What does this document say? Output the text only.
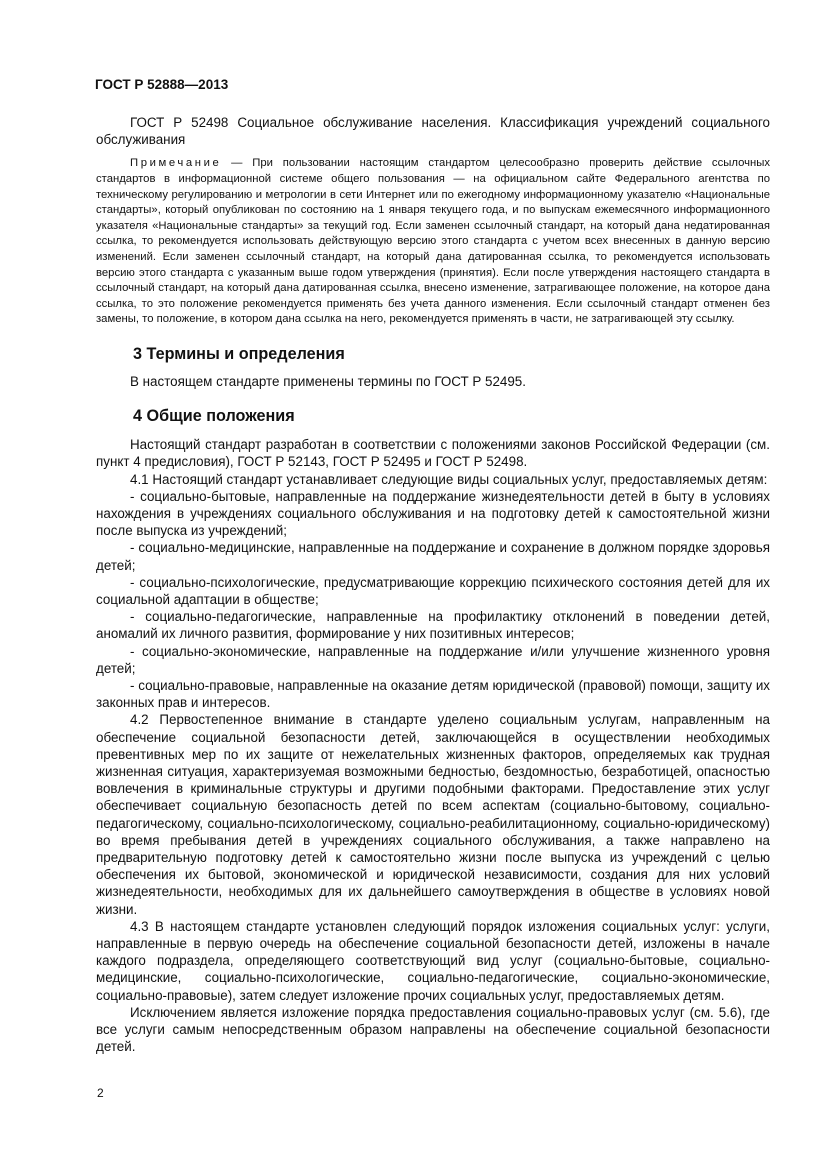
ГОСТ Р 52888—2013

ГОСТ Р 52498 Социальное обслуживание населения. Классификация учреждений социального обслуживания

Примечание — При пользовании настоящим стандартом целесообразно проверить действие ссылочных стандартов в информационной системе общего пользования — на официальном сайте Федерального агентства по техническому регулированию и метрологии в сети Интернет или по ежегодному информационному указателю «Национальные стандарты», который опубликован по состоянию на 1 января текущего года, и по выпускам ежемесячного информационного указателя «Национальные стандарты» за текущий год. Если заменен ссылочный стандарт, на который дана недатированная ссылка, то рекомендуется использовать действующую версию этого стандарта с учетом всех внесенных в данную версию изменений. Если заменен ссылочный стандарт, на который дана датированная ссылка, то рекомендуется использовать версию этого стандарта с указанным выше годом утверждения (принятия). Если после утверждения настоящего стандарта в ссылочный стандарт, на который дана датированная ссылка, внесено изменение, затрагивающее положение, на которое дана ссылка, то это положение рекомендуется применять без учета данного изменения. Если ссылочный стандарт отменен без замены, то положение, в котором дана ссылка на него, рекомендуется применять в части, не затрагивающей эту ссылку.

3 Термины и определения

В настоящем стандарте применены термины по ГОСТ Р 52495.

4 Общие положения

Настоящий стандарт разработан в соответствии с положениями законов Российской Федерации (см. пункт 4 предисловия), ГОСТ Р 52143, ГОСТ Р 52495 и ГОСТ Р 52498.

4.1 Настоящий стандарт устанавливает следующие виды социальных услуг, предоставляемых детям:

- социально-бытовые, направленные на поддержание жизнедеятельности детей в быту в условиях нахождения в учреждениях социального обслуживания и на подготовку детей к самостоятельной жизни после выпуска из учреждений;

- социально-медицинские, направленные на поддержание и сохранение в должном порядке здоровья детей;

- социально-психологические, предусматривающие коррекцию психического состояния детей для их социальной адаптации в обществе;

- социально-педагогические, направленные на профилактику отклонений в поведении детей, аномалий их личного развития, формирование у них позитивных интересов;

- социально-экономические, направленные на поддержание и/или улучшение жизненного уровня детей;

- социально-правовые, направленные на оказание детям юридической (правовой) помощи, защиту их законных прав и интересов.

4.2 Первостепенное внимание в стандарте уделено социальным услугам, направленным на обеспечение социальной безопасности детей, заключающейся в осуществлении необходимых превентивных мер по их защите от нежелательных жизненных факторов, определяемых как трудная жизненная ситуация, характеризуемая возможными бедностью, бездомностью, безработицей, опасностью вовлечения в криминальные структуры и другими подобными факторами. Предоставление этих услуг обеспечивает социальную безопасность детей по всем аспектам (социально-бытовому, социально-педагогическому, социально-психологическому, социально-реабилитационному, социально-юридическому) во время пребывания детей в учреждениях социального обслуживания, а также направлено на предварительную подготовку детей к самостоятельно жизни после выпуска из учреждений с целью обеспечения их бытовой, экономической и юридической независимости, создания для них условий жизнедеятельности, необходимых для их дальнейшего самоутверждения в обществе в условиях новой жизни.

4.3 В настоящем стандарте установлен следующий порядок изложения социальных услуг: услуги, направленные в первую очередь на обеспечение социальной безопасности детей, изложены в начале каждого подраздела, определяющего соответствующий вид услуг (социально-бытовые, социально-медицинские, социально-психологические, социально-педагогические, социально-экономические, социально-правовые), затем следует изложение прочих социальных услуг, предоставляемых детям.

Исключением является изложение порядка предоставления социально-правовых услуг (см. 5.6), где все услуги самым непосредственным образом направлены на обеспечение социальной безопасности детей.

2
